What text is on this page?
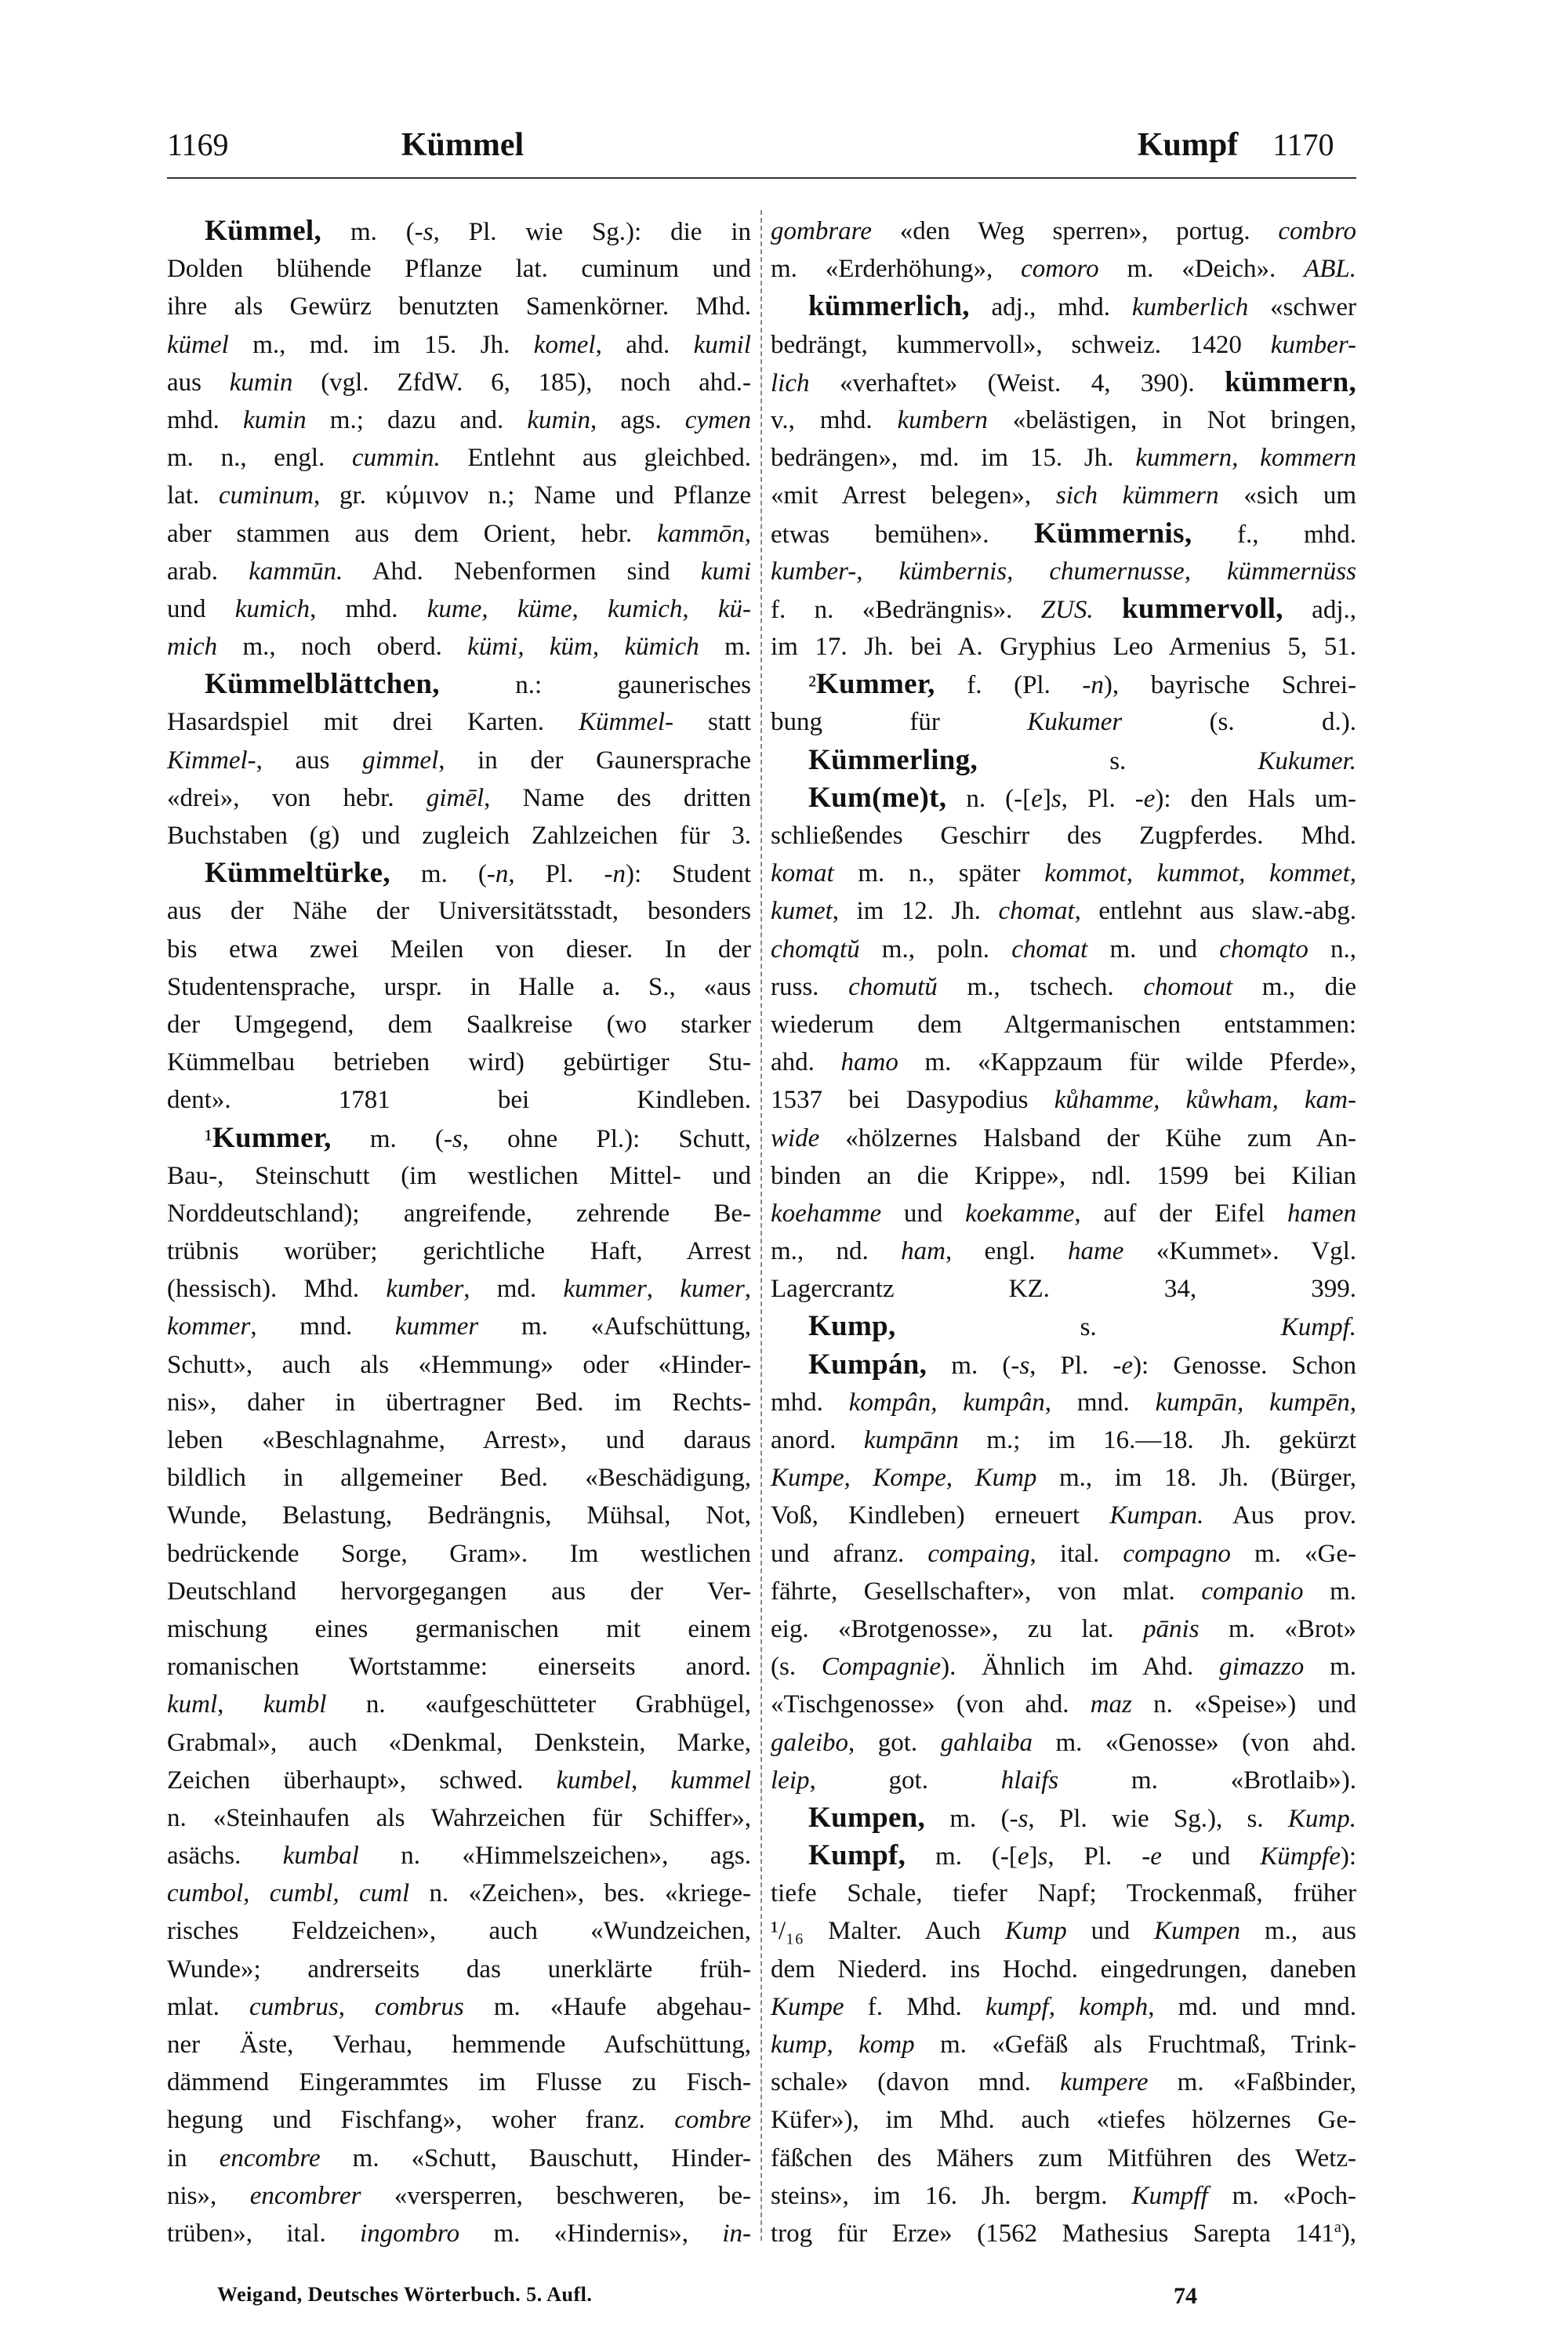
1169	Kümmel	Kumpf 1170
Kümmel, m. (-s, Pl. wie Sg.): die in
Dolden blühende Pflanze lat. cuminum und
ihre als Gewürz benutzten Samenkörner. Mhd.
kümel m., md. im 15. Jh. komel, ahd. kumil
aus kumin (vgl. ZfdW. 6, 185), noch ahd.-
mhd. kumin m.; dazu and. kumin, ags. cymen
m. n., engl. cummin. Entlehnt aus gleichbed.
lat. cuminum, gr. κύμινον n.; Name und Pflanze
aber stammen aus dem Orient, hebr. kammōn,
arab. kammūn. Ahd. Nebenformen sind kumi
und kumich, mhd. kume, küme, kumich, kü-
mich m., noch oberd. kümi, küm, kümich m.
Kümmelblättchen, n.: gaunerisches
Hasardspiel mit drei Karten. Kümmel- statt
Kimmel-, aus gimmel, in der Gaunersprache
«drei», von hebr. gimēl, Name des dritten
Buchstaben (g) und zugleich Zahlzeichen für 3.
Kümmeltürke, m. (-n, Pl. -n): Student
aus der Nähe der Universitätsstadt, besonders
bis etwa zwei Meilen von dieser. In der
Studentensprache, urspr. in Halle a. S., «aus
der Umgegend, dem Saalkreise (wo starker
Kümmelbau betrieben wird) gebürtiger Stu-
dent». 1781 bei Kindleben.
¹Kummer, m. (-s, ohne Pl.): Schutt,
Bau-, Steinschutt (im westlichen Mittel- und
Norddeutschland); angreifende, zehrende Be-
trübnis worüber; gerichtliche Haft, Arrest
(hessisch). Mhd. kumber, md. kummer, kumer,
kommer, mnd. kummer m. «Aufschüttung,
Schutt», auch als «Hemmung» oder «Hinder-
nis», daher in übertragner Bed. im Rechts-
leben «Beschlagnahme, Arrest», und daraus
bildlich in allgemeiner Bed. «Beschädigung,
Wunde, Belastung, Bedrängnis, Mühsal, Not,
bedrückende Sorge, Gram». Im westlichen
Deutschland hervorgegangen aus der Ver-
mischung eines germanischen mit einem
romanischen Wortstamme: einerseits anord.
kuml, kumbl n. «aufgeschütteter Grabhügel,
Grabmal», auch «Denkmal, Denkstein, Marke,
Zeichen überhaupt», schwed. kumbel, kummel
n. «Steinhaufen als Wahrzeichen für Schiffer»,
asächs. kumbal n. «Himmelszeichen», ags.
cumbol, cumbl, cuml n. «Zeichen», bes. «kriege-
risches Feldzeichen», auch «Wundzeichen,
Wunde»; andrerseits das unerklärte früh-
mlat. cumbrus, combrus m. «Haufe abgehau-
ner Äste, Verhau, hemmende Aufschüttung,
dämmend Eingerammtes im Flusse zu Fisch-
hegung und Fischfang», woher franz. combre
in encombre m. «Schutt, Bauschutt, Hinder-
nis», encombrer «versperren, beschweren, be-
trüben», ital. ingombro m. «Hindernis», in-
gombrare «den Weg sperren», portug. combro
m. «Erderhöhung», comoro m. «Deich». ABL.
kümmerlich, adj., mhd. kumberlich «schwer
bedrängt, kummervoll», schweiz. 1420 kumber-
lich «verhaftet» (Weist. 4, 390). kümmern,
v., mhd. kumbern «belästigen, in Not bringen,
bedrängen», md. im 15. Jh. kummern, kommern
«mit Arrest belegen», sich kümmern «sich um
etwas bemühen». Kümmernis, f., mhd.
kumber-, kümbernis, chumernusse, kümmernüss
f. n. «Bedrängnis». ZUS. kummervoll, adj.,
im 17. Jh. bei A. Gryphius Leo Armenius 5, 51.
²Kummer, f. (Pl. -n), bayrische Schrei-
bung für Kukumer (s. d.).
Kümmerling, s. Kukumer.
Kum(me)t, n. (-[e]s, Pl. -e): den Hals um-
schließendes Geschirr des Zugpferdes. Mhd.
komat m. n., später kommot, kummot, kommet,
kumet, im 12. Jh. chomat, entlehnt aus slaw.-abg.
chomątŭ m., poln. chomat m. und chomąto n.,
russ. chomutŭ m., tschech. chomout m., die
wiederum dem Altgermanischen entstammen:
ahd. hamo m. «Kappzaum für wilde Pferde»,
1537 bei Dasypodius kůhamme, kůwham, kam-
wide «hölzernes Halsband der Kühe zum An-
binden an die Krippe», ndl. 1599 bei Kilian
koehamme und koekamme, auf der Eifel hamen
m., nd. ham, engl. hame «Kummet». Vgl.
Lagercrantz KZ. 34, 399.
Kump, s. Kumpf.
Kumpán, m. (-s, Pl. -e): Genosse. Schon
mhd. kompân, kumpân, mnd. kumpān, kumpēn,
anord. kumpānn m.; im 16.—18. Jh. gekürzt
Kumpe, Kompe, Kump m., im 18. Jh. (Bürger,
Voß, Kindleben) erneuert Kumpan. Aus prov.
und afranz. compaing, ital. compagno m. «Ge-
fährte, Gesellschafter», von mlat. companio m.
eig. «Brotgenosse», zu lat. pānis m. «Brot»
(s. Compagnie). Ähnlich im Ahd. gimazzo m.
«Tischgenosse» (von ahd. maz n. «Speise») und
galeibo, got. gahlaiba m. «Genosse» (von ahd.
leip, got. hlaifs m. «Brotlaib»).
Kumpen, m. (-s, Pl. wie Sg.), s. Kump.
Kumpf, m. (-[e]s, Pl. -e und Kümpfe):
tiefe Schale, tiefer Napf; Trockenmaß, früher
¹/₁₆ Malter. Auch Kump und Kumpen m., aus
dem Niederd. ins Hochd. eingedrungen, daneben
Kumpe f. Mhd. kumpf, komph, md. und mnd.
kump, komp m. «Gefäß als Fruchtmaß, Trink-
schale» (davon mnd. kumpere m. «Faßbinder,
Küfer»), im Mhd. auch «tiefes hölzernes Ge-
fäßchen des Mähers zum Mitführen des Wetz-
steins», im 16. Jh. bergm. Kumpff m. «Poch-
trog für Erze» (1562 Mathesius Sarepta 141$^a$),
Weigand, Deutsches Wörterbuch. 5. Aufl.	74
